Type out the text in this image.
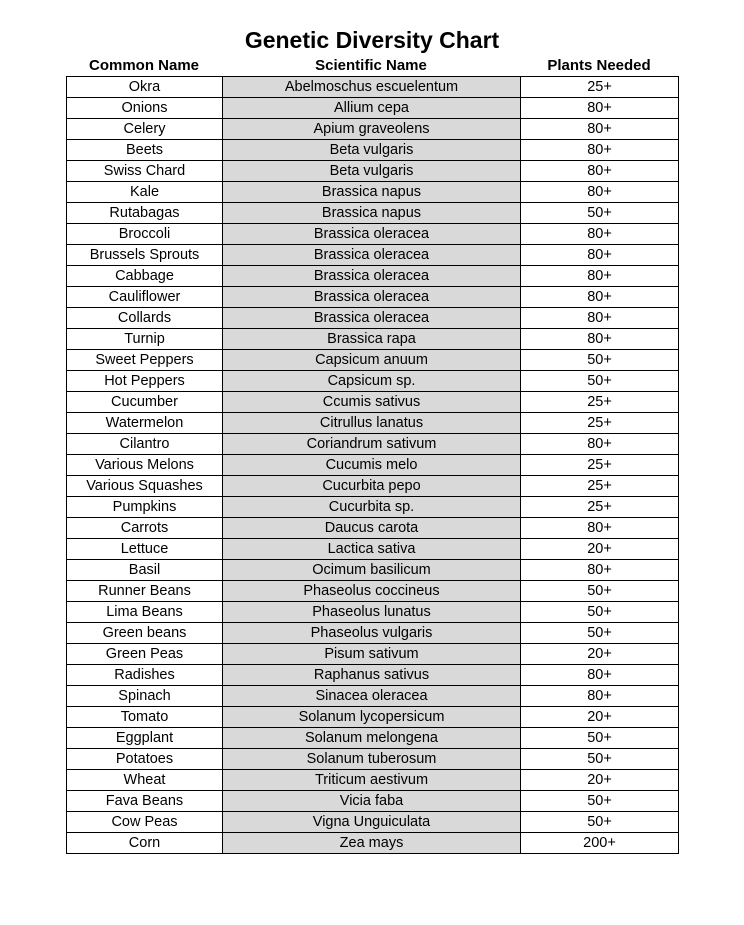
Genetic Diversity Chart
Common Name	Scientific Name	Plants Needed
Okra	Abelmoschus escuelentum	25+
Onions	Allium cepa	80+
Celery	Apium graveolens	80+
Beets	Beta vulgaris	80+
Swiss Chard	Beta vulgaris	80+
Kale	Brassica napus	80+
Rutabagas	Brassica napus	50+
Broccoli	Brassica oleracea	80+
Brussels Sprouts	Brassica oleracea	80+
Cabbage	Brassica oleracea	80+
Cauliflower	Brassica oleracea	80+
Collards	Brassica oleracea	80+
Turnip	Brassica rapa	80+
Sweet Peppers	Capsicum anuum	50+
Hot Peppers	Capsicum sp.	50+
Cucumber	Ccumis sativus	25+
Watermelon	Citrullus lanatus	25+
Cilantro	Coriandrum sativum	80+
Various Melons	Cucumis melo	25+
Various Squashes	Cucurbita pepo	25+
Pumpkins	Cucurbita sp.	25+
Carrots	Daucus carota	80+
Lettuce	Lactica sativa	20+
Basil	Ocimum basilicum	80+
Runner Beans	Phaseolus coccineus	50+
Lima Beans	Phaseolus lunatus	50+
Green beans	Phaseolus vulgaris	50+
Green Peas	Pisum sativum	20+
Radishes	Raphanus sativus	80+
Spinach	Sinacea oleracea	80+
Tomato	Solanum lycopersicum	20+
Eggplant	Solanum melongena	50+
Potatoes	Solanum tuberosum	50+
Wheat	Triticum aestivum	20+
Fava Beans	Vicia faba	50+
Cow Peas	Vigna Unguiculata	50+
Corn	Zea mays	200+
